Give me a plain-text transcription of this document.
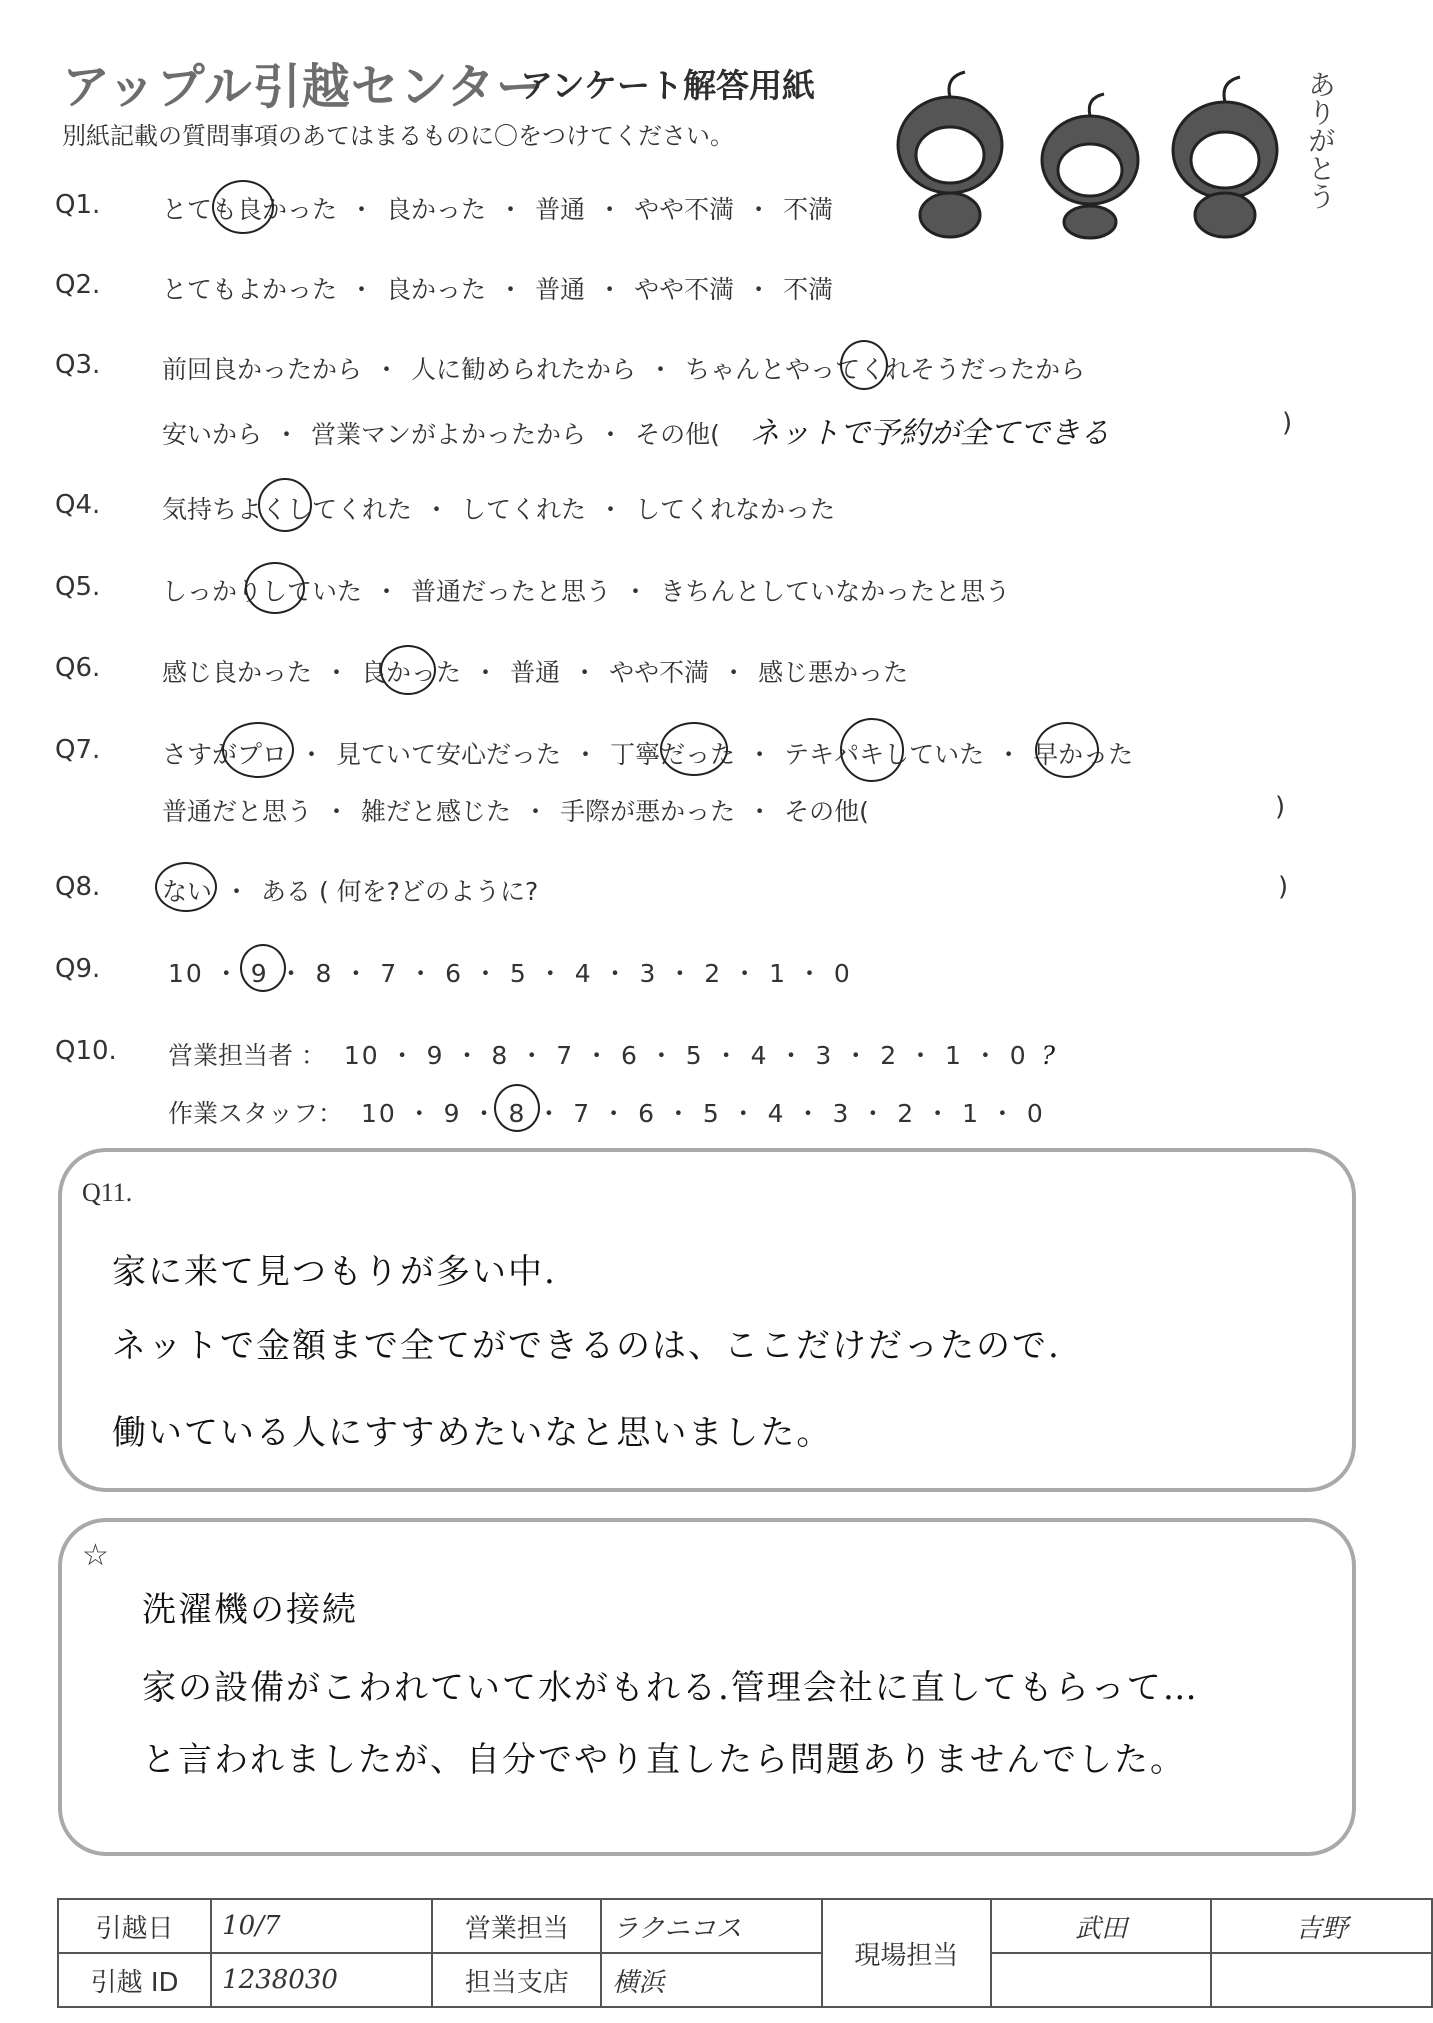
アップル引越センター
アンケート解答用紙
別紙記載の質問事項のあてはまるものに〇をつけてください。	ありがとう
Q1. とても良かった ・ 良かった ・ 普通 ・ やや不満 ・ 不満
Q2. とてもよかった ・ 良かった ・ 普通 ・ やや不満 ・ 不満
Q3. 前回良かったから ・ 人に勧められたから ・ ちゃんとやってくれそうだったから
安いから ・ 営業マンがよかったから ・ その他( ネットで予約が全てできる	)
Q4. 気持ちよくしてくれた ・ してくれた ・ してくれなかった
Q5. しっかりしていた ・ 普通だったと思う ・ きちんとしていなかったと思う
Q6. 感じ良かった ・ 良かった ・ 普通 ・ やや不満 ・ 感じ悪かった
Q7. さすがプロ ・ 見ていて安心だった ・ 丁寧だった ・ テキパキしていた ・ 早かった
普通だと思う ・ 雑だと感じた ・ 手際が悪かった ・ その他(	)
Q8. ない ・ ある ( 何を?どのように?	)
Q9.	10 ・ 9 ・ 8 ・ 7 ・ 6 ・ 5 ・ 4 ・ 3 ・ 2 ・ 1 ・ 0
Q10. 営業担当者 ： 10 ・ 9 ・ 8 ・ 7 ・ 6 ・ 5 ・ 4 ・ 3 ・ 2 ・ 1 ・ 0 ?
作業スタッフ： 10 ・ 9 ・ 8 ・ 7 ・ 6 ・ 5 ・ 4 ・ 3 ・ 2 ・ 1 ・ 0
Q11.
家に来て見つもりが多い中.
ネットで金額まで全てができるのは、ここだけだったので.
働いている人にすすめたいなと思いました。
☆
洗濯機の接続
家の設備がこわれていて水がもれる.管理会社に直してもらって…
と言われましたが、自分でやり直したら問題ありませんでした。
引越日	10/7	営業担当	ラクニコス	現場担当	武田	吉野
引越 ID	1238030	担当支店	横浜			
